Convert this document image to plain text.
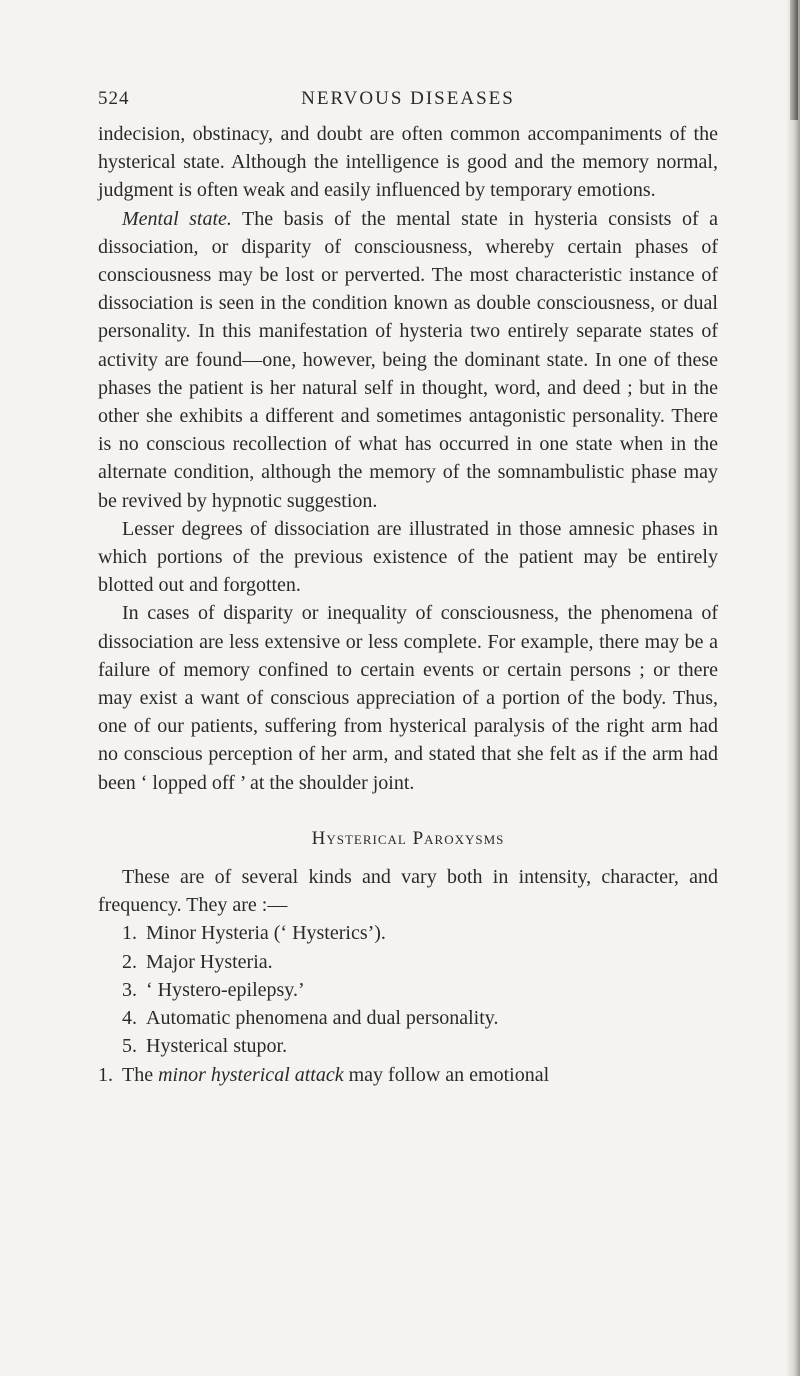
524	NERVOUS DISEASES

indecision, obstinacy, and doubt are often common accompaniments of the hysterical state. Although the intelligence is good and the memory normal, judgment is often weak and easily influenced by temporary emotions.

Mental state. The basis of the mental state in hysteria consists of a dissociation, or disparity of consciousness, whereby certain phases of consciousness may be lost or perverted. The most characteristic instance of dissociation is seen in the condition known as double consciousness, or dual personality. In this manifestation of hysteria two entirely separate states of activity are found—one, however, being the dominant state. In one of these phases the patient is her natural self in thought, word, and deed ; but in the other she exhibits a different and sometimes antagonistic personality. There is no conscious recollection of what has occurred in one state when in the alternate condition, although the memory of the somnambulistic phase may be revived by hypnotic suggestion.

Lesser degrees of dissociation are illustrated in those amnesic phases in which portions of the previous existence of the patient may be entirely blotted out and forgotten.

In cases of disparity or inequality of consciousness, the phenomena of dissociation are less extensive or less complete. For example, there may be a failure of memory confined to certain events or certain persons ; or there may exist a want of conscious appreciation of a portion of the body. Thus, one of our patients, suffering from hysterical paralysis of the right arm had no conscious perception of her arm, and stated that she felt as if the arm had been ‘ lopped off ’ at the shoulder joint.

Hysterical Paroxysms

These are of several kinds and vary both in intensity, character, and frequency. They are :—

1. Minor Hysteria (‘ Hysterics’).
2. Major Hysteria.
3. ‘ Hystero-epilepsy.’
4. Automatic phenomena and dual personality.
5. Hysterical stupor.

1. The minor hysterical attack may follow an emotional
